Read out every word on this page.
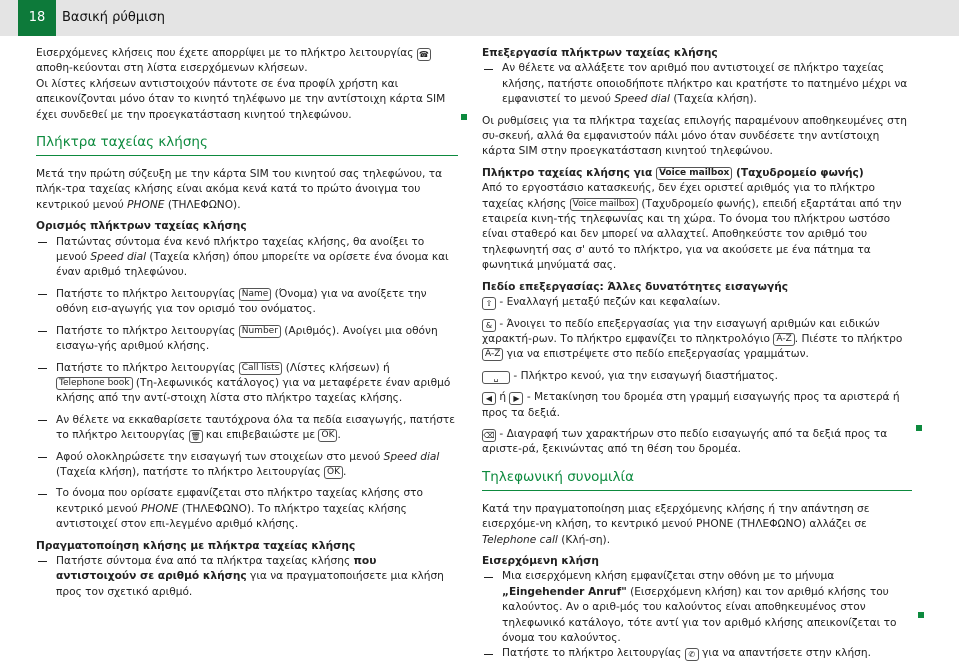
18	Βασική ρύθμιση

Εισερχόμενες κλήσεις που έχετε απορρίψει με το πλήκτρο λειτουργίας ☎ αποθη-κεύονται στη λίστα εισερχόμενων κλήσεων.

Οι λίστες κλήσεων αντιστοιχούν πάντοτε σε ένα προφίλ χρήστη και απεικονίζονται μόνο όταν το κινητό τηλέφωνο με την αντίστοιχη κάρτα SIM έχει συνδεθεί με την προεγκατάσταση κινητού τηλεφώνου.

Πλήκτρα ταχείας κλήσης

Μετά την πρώτη σύζευξη με την κάρτα SIM του κινητού σας τηλεφώνου, τα πλήκ-τρα ταχείας κλήσης είναι ακόμα κενά κατά το πρώτο άνοιγμα του κεντρικού μενού PHONE (ΤΗΛΕΦΩΝΟ).

Ορισμός πλήκτρων ταχείας κλήσης

Πατώντας σύντομα ένα κενό πλήκτρο ταχείας κλήσης, θα ανοίξει το μενού Speed dial (Ταχεία κλήση) όπου μπορείτε να ορίσετε ένα όνομα και έναν αριθμό τηλεφώνου.

Πατήστε το πλήκτρο λειτουργίας Name (Όνομα) για να ανοίξετε την οθόνη εισ-αγωγής για τον ορισμό του ονόματος.

Πατήστε το πλήκτρο λειτουργίας Number (Αριθμός). Ανοίγει μια οθόνη εισαγω-γής αριθμού κλήσης.

Πατήστε το πλήκτρο λειτουργίας Call lists (Λίστες κλήσεων) ή Telephone book (Τη-λεφωνικός κατάλογος) για να μεταφέρετε έναν αριθμό κλήσης από την αντί-στοιχη λίστα στο πλήκτρο ταχείας κλήσης.

Αν θέλετε να εκκαθαρίσετε ταυτόχρονα όλα τα πεδία εισαγωγής, πατήστε το πλήκτρο λειτουργίας 🗑 και επιβεβαιώστε με OK .

Αφού ολοκληρώσετε την εισαγωγή των στοιχείων στο μενού Speed dial (Ταχεία κλήση), πατήστε το πλήκτρο λειτουργίας OK .

Το όνομα που ορίσατε εμφανίζεται στο πλήκτρο ταχείας κλήσης στο κεντρικό μενού PHONE (ΤΗΛΕΦΩΝΟ). Το πλήκτρο ταχείας κλήσης αντιστοιχεί στον επι-λεγμένο αριθμό κλήσης.

Πραγματοποίηση κλήσης με πλήκτρα ταχείας κλήσης

Πατήστε σύντομα ένα από τα πλήκτρα ταχείας κλήσης που αντιστοιχούν σε αριθμό κλήσης για να πραγματοποιήσετε μια κλήση προς τον σχετικό αριθμό.

Επεξεργασία πλήκτρων ταχείας κλήσης

Αν θέλετε να αλλάξετε τον αριθμό που αντιστοιχεί σε πλήκτρο ταχείας κλήσης, πατήστε οποιοδήποτε πλήκτρο και κρατήστε το πατημένο μέχρι να εμφανιστεί το μενού Speed dial (Ταχεία κλήση).

Οι ρυθμίσεις για τα πλήκτρα ταχείας επιλογής παραμένουν αποθηκευμένες στη συ-σκευή, αλλά θα εμφανιστούν πάλι μόνο όταν συνδέσετε την αντίστοιχη κάρτα SIM στην προεγκατάσταση κινητού τηλεφώνου.

Πλήκτρο ταχείας κλήσης για Voice mailbox (Ταχυδρομείο φωνής)

Από το εργοστάσιο κατασκευής, δεν έχει οριστεί αριθμός για το πλήκτρο ταχείας κλήσης Voice mailbox (Ταχυδρομείο φωνής), επειδή εξαρτάται από την εταιρεία κινη-τής τηλεφωνίας και τη χώρα. Το όνομα του πλήκτρου ωστόσο είναι σταθερό και δεν μπορεί να αλλαχτεί. Αποθηκεύστε τον αριθμό του τηλεφωνητή σας σ' αυτό το πλήκτρο, για να ακούσετε με ένα πάτημα τα φωνητικά μηνύματά σας.

Πεδίο επεξεργασίας: Άλλες δυνατότητες εισαγωγής

⇧ - Εναλλαγή μεταξύ πεζών και κεφαλαίων.

& - Άνοιγει το πεδίο επεξεργασίας για την εισαγωγή αριθμών και ειδικών χαρακτή-ρων. Το πλήκτρο εμφανίζει το πληκτρολόγιο A-Z . Πιέστε το πλήκτρο A-Z για να επιστρέψετε στο πεδίο επεξεργασίας γραμμάτων.

␣ - Πλήκτρο κενού, για την εισαγωγή διαστήματος.

◀ ή ▶ - Μετακίνηση του δρομέα στη γραμμή εισαγωγής προς τα αριστερά ή προς τα δεξιά.

⌫ - Διαγραφή των χαρακτήρων στο πεδίο εισαγωγής από τα δεξιά προς τα αριστε-ρά, ξεκινώντας από τη θέση του δρομέα.

Τηλεφωνική συνομιλία

Κατά την πραγματοποίηση μιας εξερχόμενης κλήσης ή την απάντηση σε εισερχόμε-νη κλήση, το κεντρικό μενού PHONE (ΤΗΛΕΦΩΝΟ) αλλάζει σε Telephone call (Κλή-ση).

Εισερχόμενη κλήση

Μια εισερχόμενη κλήση εμφανίζεται στην οθόνη με το μήνυμα „Eingehender Anruf" (Εισερχόμενη κλήση) και τον αριθμό κλήσης του καλούντος. Αν ο αριθ-μός του καλούντος είναι αποθηκευμένος στον τηλεφωνικό κατάλογο, τότε αντί για τον αριθμό κλήσης απεικονίζεται το όνομα του καλούντος.

Πατήστε το πλήκτρο λειτουργίας ✆ για να απαντήσετε στην κλήση.
